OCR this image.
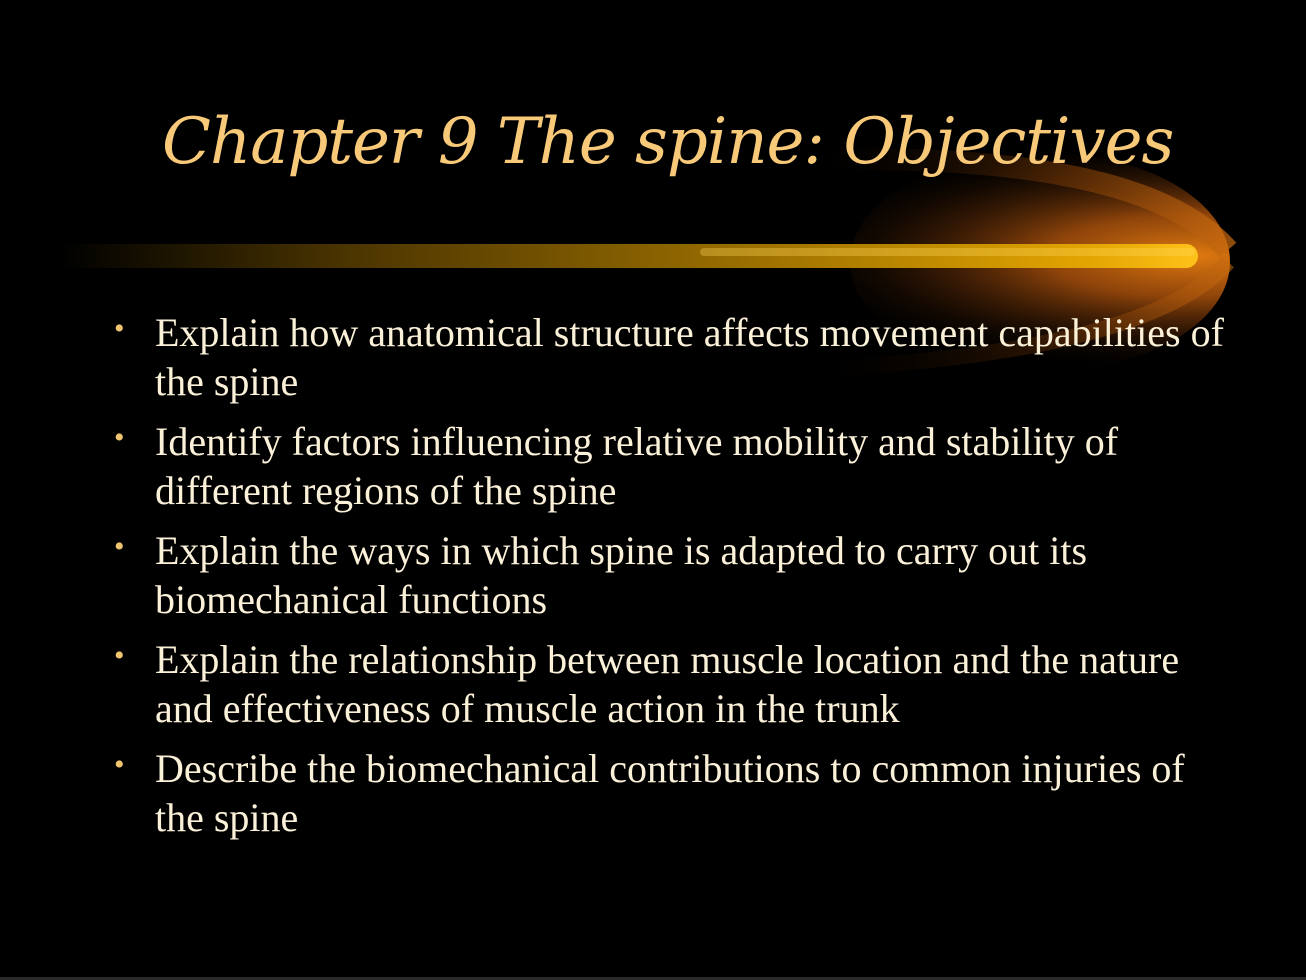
Chapter 9 The spine: Objectives
• Explain how anatomical structure affects movement capabilities of the spine
• Identify factors influencing relative mobility and stability of different regions of the spine
• Explain the ways in which spine is adapted to carry out its biomechanical functions
• Explain the relationship between muscle location and the nature and effectiveness of muscle action in the trunk
• Describe the biomechanical contributions to common injuries of the spine
